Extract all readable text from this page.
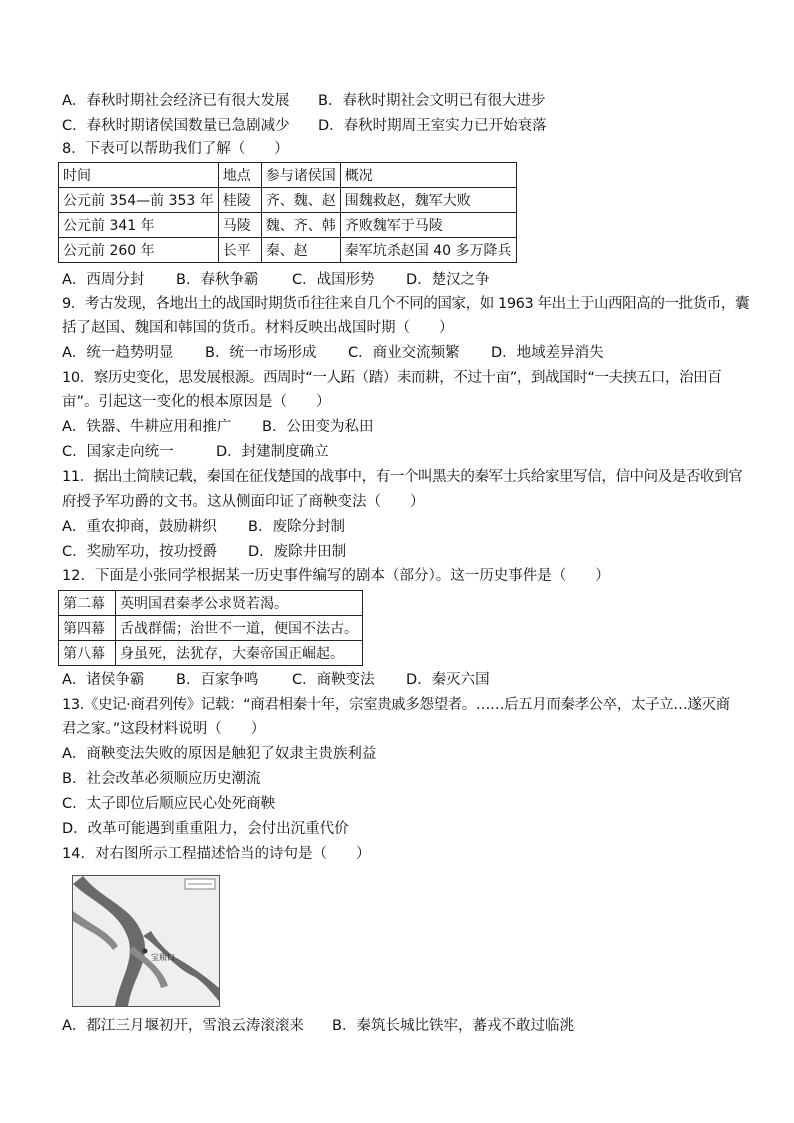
A．春秋时期社会经济已有很大发展 B．春秋时期社会文明已有很大进步
C．春秋时期诸侯国数量已急剧减少 D．春秋时期周王室实力已开始衰落
8．下表可以帮助我们了解（　　）
时间	地点	参与诸侯国	概况
公元前 354—前 353 年	桂陵	齐、魏、赵	围魏救赵，魏军大败
公元前 341 年	马陵	魏、齐、韩	齐败魏军于马陵
公元前 260 年	长平	秦、赵	秦军坑杀赵国 40 多万降兵
A．西周分封 B．春秋争霸 C．战国形势 D．楚汉之争
9．考古发现，各地出土的战国时期货币往往来自几个不同的国家，如 1963 年出土于山西阳高的一批货币，囊
括了赵国、魏国和韩国的货币。材料反映出战国时期（　　）
A．统一趋势明显 B．统一市场形成 C．商业交流频繁 D．地域差异消失
10．察历史变化，思发展根源。西周时“一人跖（踏）耒而耕，不过十亩”，到战国时“一夫挟五口，治田百
亩”。引起这一变化的根本原因是（　　）
A．铁器、牛耕应用和推广 B．公田变为私田
C．国家走向统一	D．封建制度确立
11．据出土简牍记载，秦国在征伐楚国的战事中，有一个叫黑夫的秦军士兵给家里写信，信中问及是否收到官
府授予军功爵的文书。这从侧面印证了商鞅变法（　　）
A．重农抑商，鼓励耕织 B．废除分封制
C．奖励军功，按功授爵 D．废除井田制
12．下面是小张同学根据某一历史事件编写的剧本（部分）。这一历史事件是（　　）
第二幕	英明国君秦孝公求贤若渴。
第四幕	舌战群儒；治世不一道，便国不法古。
第八幕	身虽死，法犹存，大秦帝国正崛起。
A．诸侯争霸 B．百家争鸣 C．商鞅变法 D．秦灭六国
13.《史记·商君列传》记载：“商君相秦十年，宗室贵戚多怨望者。……后五月而秦孝公卒，太子立…遂灭商
君之家。”这段材料说明（　　）
A．商鞅变法失败的原因是触犯了奴隶主贵族利益
B．社会改革必须顺应历史潮流
C．太子即位后顺应民心处死商鞅
D．改革可能遇到重重阻力，会付出沉重代价
14．对右图所示工程描述恰当的诗句是（　　）
宝瓶口
A．都江三月堰初开，雪浪云涛滚滚来 B．秦筑长城比铁牢，蕃戎不敢过临洮
